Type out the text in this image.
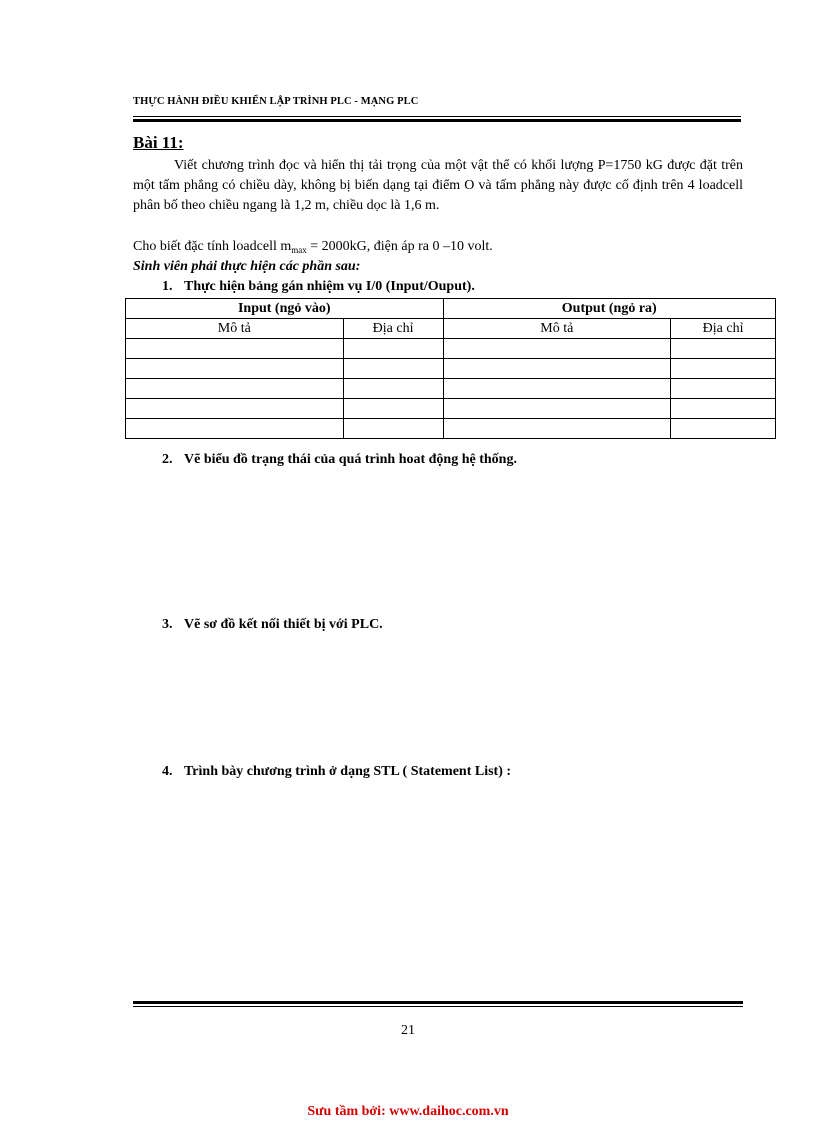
THỰC HÀNH ĐIỀU KHIỂN LẬP TRÌNH PLC - MẠNG PLC
Bài 11:
Viết chương trình đọc và hiển thị tải trọng của một vật thể có khối lượng P=1750 kG được đặt trên một tấm phẳng có chiều dày, không bị biến dạng tại điểm O và tấm phẳng này được cố định trên 4 loadcell phân bố theo chiều ngang là 1,2 m, chiều dọc là 1,6 m.
Cho biết đặc tính loadcell $m_{max} = 2000kG$, điện áp ra 0 –10 volt.
Sinh viên phải thực hiện các phần sau:
1. Thực hiện bảng gán nhiệm vụ I/0 (Input/Ouput).
Input (ngỏ vào)		Output (ngỏ ra)	
Mô tả	Địa chỉ	Mô tả	Địa chỉ

2. Vẽ biểu đồ trạng thái của quá trình hoat động hệ thống.
3. Vẽ sơ đồ kết nối thiết bị với PLC.
4. Trình bày chương trình ở dạng STL ( Statement List) :
21
Sưu tầm bởi: www.daihoc.com.vn
